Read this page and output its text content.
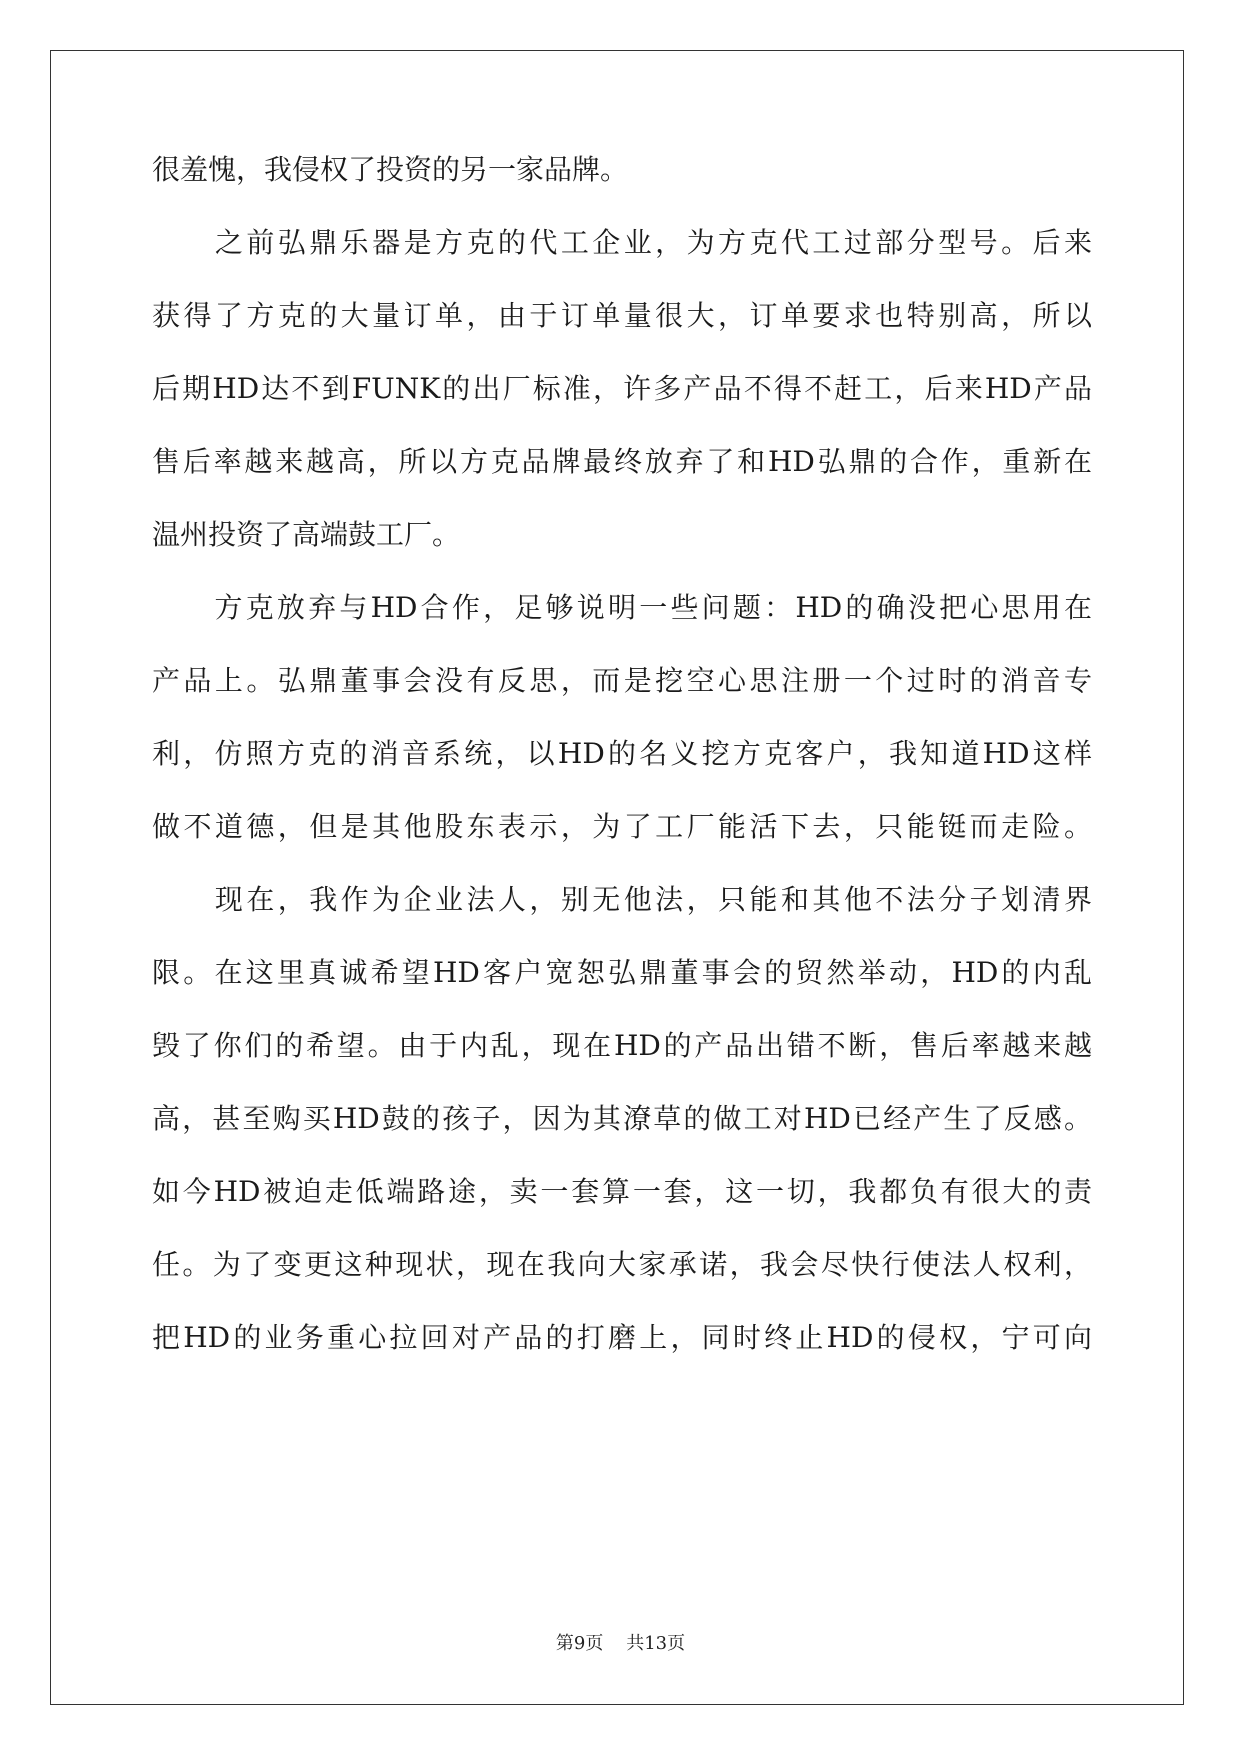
很羞愧，我侵权了投资的另一家品牌。
　　之前弘鼎乐器是方克的代工企业，为方克代工过部分型号。后来
获得了方克的大量订单，由于订单量很大，订单要求也特别高，所以
后期HD达不到FUNK的出厂标准，许多产品不得不赶工，后来HD产品
售后率越来越高，所以方克品牌最终放弃了和HD弘鼎的合作，重新在
温州投资了高端鼓工厂。
　　方克放弃与HD合作，足够说明一些问题：HD的确没把心思用在
产品上。弘鼎董事会没有反思，而是挖空心思注册一个过时的消音专
利，仿照方克的消音系统，以HD的名义挖方克客户，我知道HD这样
做不道德，但是其他股东表示，为了工厂能活下去，只能铤而走险。
　　现在，我作为企业法人，别无他法，只能和其他不法分子划清界
限。在这里真诚希望HD客户宽恕弘鼎董事会的贸然举动，HD的内乱
毁了你们的希望。由于内乱，现在HD的产品出错不断，售后率越来越
高，甚至购买HD鼓的孩子，因为其潦草的做工对HD已经产生了反感。
如今HD被迫走低端路途，卖一套算一套，这一切，我都负有很大的责
任。为了变更这种现状，现在我向大家承诺，我会尽快行使法人权利，
把HD的业务重心拉回对产品的打磨上，同时终止HD的侵权，宁可向
第9页 共13页
